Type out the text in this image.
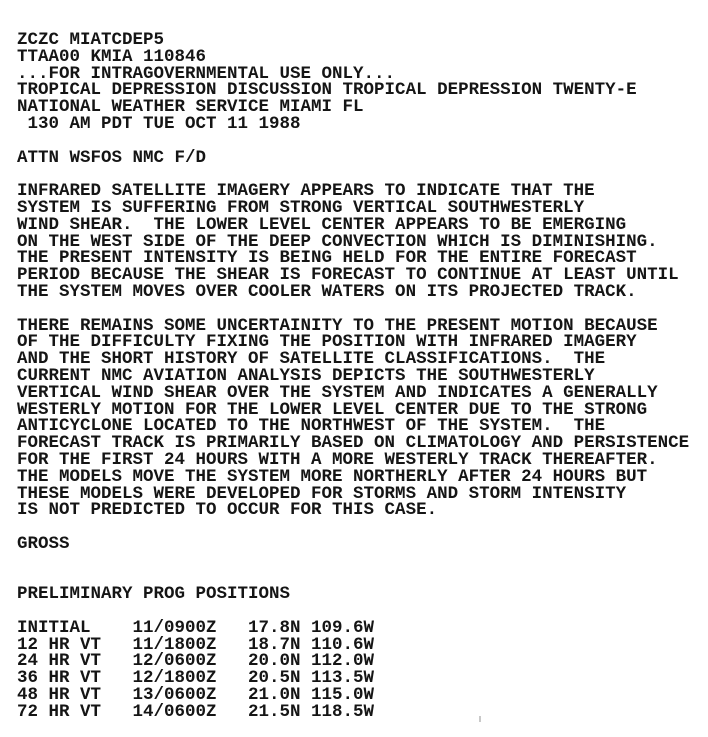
ZCZC MIATCDEP5
TTAA00 KMIA 110846
...FOR INTRAGOVERNMENTAL USE ONLY...
TROPICAL DEPRESSION DISCUSSION TROPICAL DEPRESSION TWENTY-E
NATIONAL WEATHER SERVICE MIAMI FL
130 AM PDT TUE OCT 11 1988
ATTN WSFOS NMC F/D
INFRARED SATELLITE IMAGERY APPEARS TO INDICATE THAT THE
SYSTEM IS SUFFERING FROM STRONG VERTICAL SOUTHWESTERLY
WIND SHEAR.  THE LOWER LEVEL CENTER APPEARS TO BE EMERGING
ON THE WEST SIDE OF THE DEEP CONVECTION WHICH IS DIMINISHING.
THE PRESENT INTENSITY IS BEING HELD FOR THE ENTIRE FORECAST
PERIOD BECAUSE THE SHEAR IS FORECAST TO CONTINUE AT LEAST UNTIL
THE SYSTEM MOVES OVER COOLER WATERS ON ITS PROJECTED TRACK.
THERE REMAINS SOME UNCERTAINITY TO THE PRESENT MOTION BECAUSE
OF THE DIFFICULTY FIXING THE POSITION WITH INFRARED IMAGERY
AND THE SHORT HISTORY OF SATELLITE CLASSIFICATIONS.  THE
CURRENT NMC AVIATION ANALYSIS DEPICTS THE SOUTHWESTERLY
VERTICAL WIND SHEAR OVER THE SYSTEM AND INDICATES A GENERALLY
WESTERLY MOTION FOR THE LOWER LEVEL CENTER DUE TO THE STRONG
ANTICYCLONE LOCATED TO THE NORTHWEST OF THE SYSTEM.  THE
FORECAST TRACK IS PRIMARILY BASED ON CLIMATOLOGY AND PERSISTENCE
FOR THE FIRST 24 HOURS WITH A MORE WESTERLY TRACK THEREAFTER.
THE MODELS MOVE THE SYSTEM MORE NORTHERLY AFTER 24 HOURS BUT
THESE MODELS WERE DEVELOPED FOR STORMS AND STORM INTENSITY
IS NOT PREDICTED TO OCCUR FOR THIS CASE.
GROSS
PRELIMINARY PROG POSITIONS
INITIAL 11/0900Z 17.8N 109.6W
12 HR VT 11/1800Z 18.7N 110.6W
24 HR VT 12/0600Z 20.0N 112.0W
36 HR VT 12/1800Z 20.5N 113.5W
48 HR VT 13/0600Z 21.0N 115.0W
72 HR VT 14/0600Z 21.5N 118.5W
